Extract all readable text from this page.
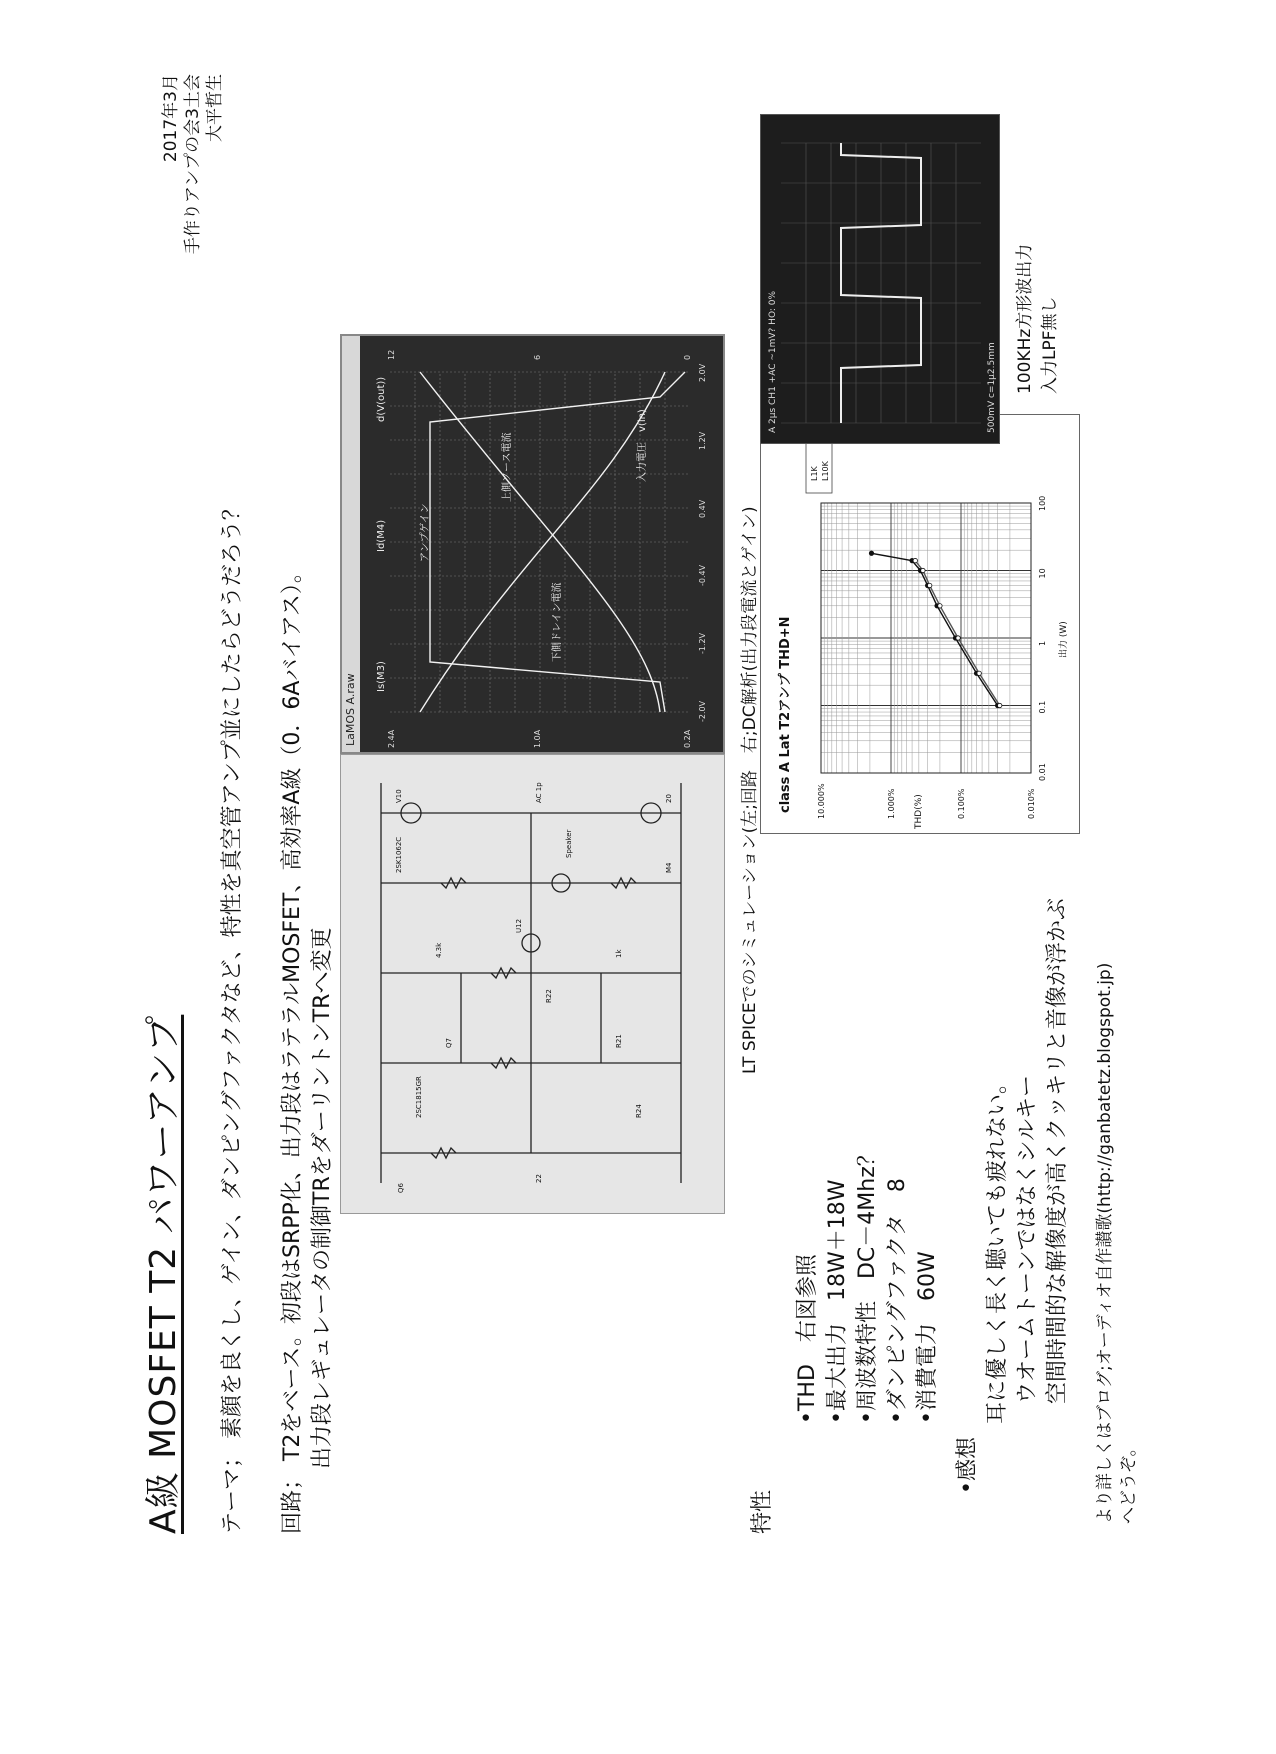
2017年3月 手作りアンプの会3土会 大平哲生
A級 MOSFET T2 パワーアンプ テーマ； 素顔を良くし、ゲイン、ダンピングファクタなど、特性を真空管アンプ並にしたらどうだろう？ 回路； T2をベース。初段はSRPP化、出力段はラテラルMOSFET、高効率A級（0．6Aバイアス）。 出力段レギュレータの制御TRをダーリントンTRへ変更	Q6
2SC1815GR	R24
Q7	R21
4.3k	1k
2SK1062C	M4
V10	20
Speaker
U12
R22
22
AC 1p
LaMOS A.raw
アンプゲイン
上側ソース電流
下側ドレイン電流
入力電圧　v(in)
Is(M3)
d(V(out))
Id(M4)
-2.0V
-1.2V
-0.4V
0.4V
1.2V
2.0V
0.2A
1.0A
2.4A
0
6
12
LT SPICEでのシミュレーション(左;回路　右;DC解析(出力段電流とゲイン) class A Lat T2アンプ THD+N	THD(%)
出力 (W)
0.01
0.1
1
10
100
10.000%	1.000%	0.100%	0.010%
L1K L10K
A 2μs CH1 +AC ~1mV? HO: 0%	500mV c=1μ2.5mm 100KHz方形波出力 入力LPF無し
特性
•THD　右図参照 •最大出力　18W＋18W •周波数特性　DC－4Mhz？ •ダンピングファクタ　8 •消費電力　60W
•感想
耳に優しく長く聴いても疲れない。 ウオームトーンではなくシルキー 空間時間的な解像度が高くクッキリと音像が浮かぶ より詳しくはブログ;オーディオ自作讃歌(http://ganbatetz.blogspot.jp) へどうぞ。
